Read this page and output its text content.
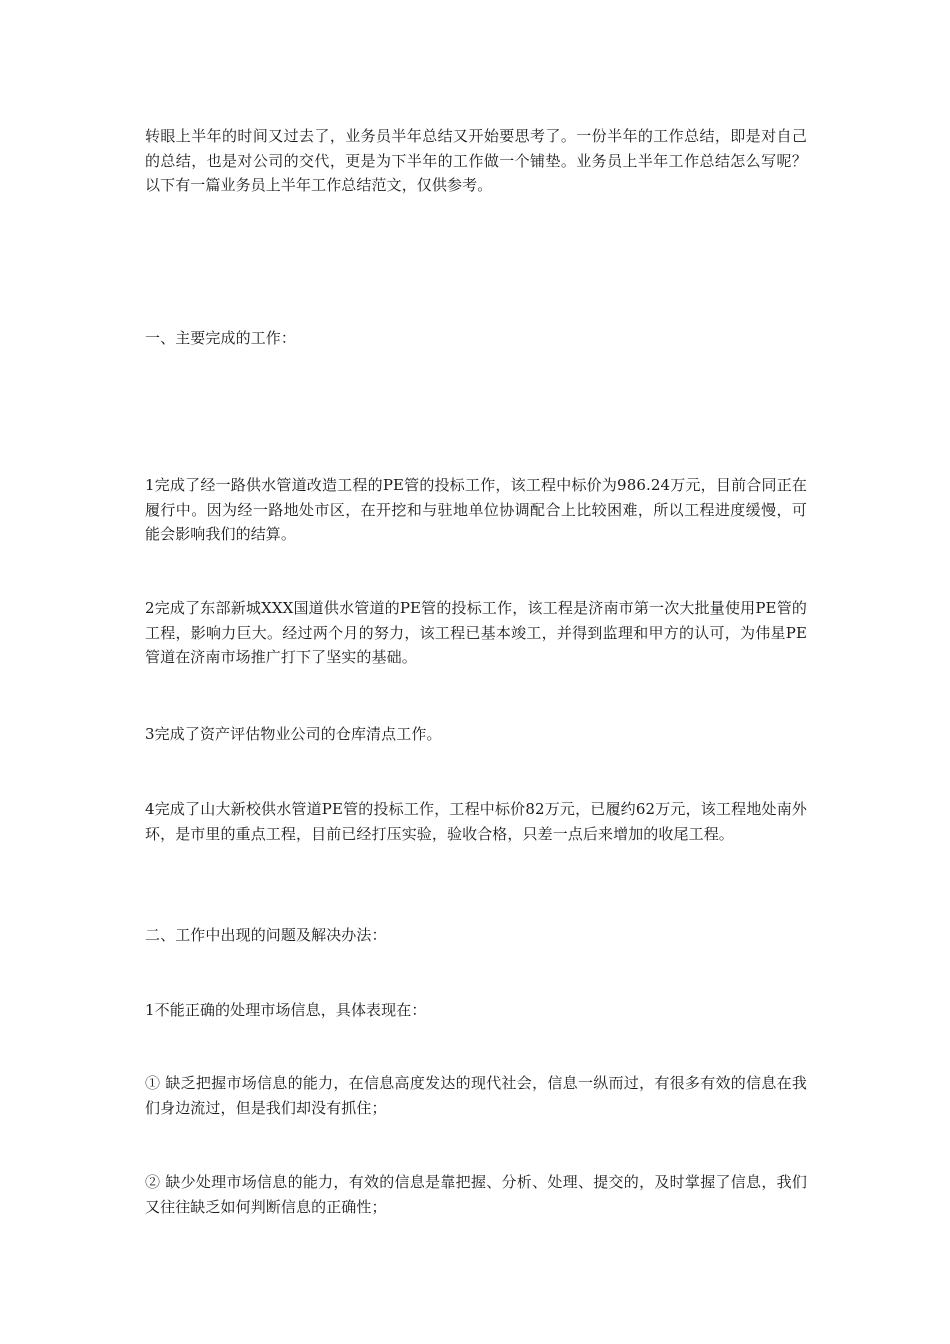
转眼上半年的时间又过去了，业务员半年总结又开始要思考了。一份半年的工作总结，即是对自己的总结，也是对公司的交代，更是为下半年的工作做一个铺垫。业务员上半年工作总结怎么写呢？以下有一篇业务员上半年工作总结范文，仅供参考。

一、主要完成的工作：

1完成了经一路供水管道改造工程的PE管的投标工作，该工程中标价为986.24万元，目前合同正在履行中。因为经一路地处市区，在开挖和与驻地单位协调配合上比较困难，所以工程进度缓慢，可能会影响我们的结算。

2完成了东部新城XXX国道供水管道的PE管的投标工作，该工程是济南市第一次大批量使用PE管的工程，影响力巨大。经过两个月的努力，该工程已基本竣工，并得到监理和甲方的认可，为伟星PE管道在济南市场推广打下了坚实的基础。

3完成了资产评估物业公司的仓库清点工作。

4完成了山大新校供水管道PE管的投标工作，工程中标价82万元，已履约62万元，该工程地处南外环，是市里的重点工程，目前已经打压实验，验收合格，只差一点后来增加的收尾工程。

二、工作中出现的问题及解决办法：

1不能正确的处理市场信息，具体表现在：

① 缺乏把握市场信息的能力，在信息高度发达的现代社会，信息一纵而过，有很多有效的信息在我们身边流过，但是我们却没有抓住；

② 缺少处理市场信息的能力，有效的信息是靠把握、分析、处理、提交的，及时掌握了信息，我们又往往缺乏如何判断信息的正确性；
